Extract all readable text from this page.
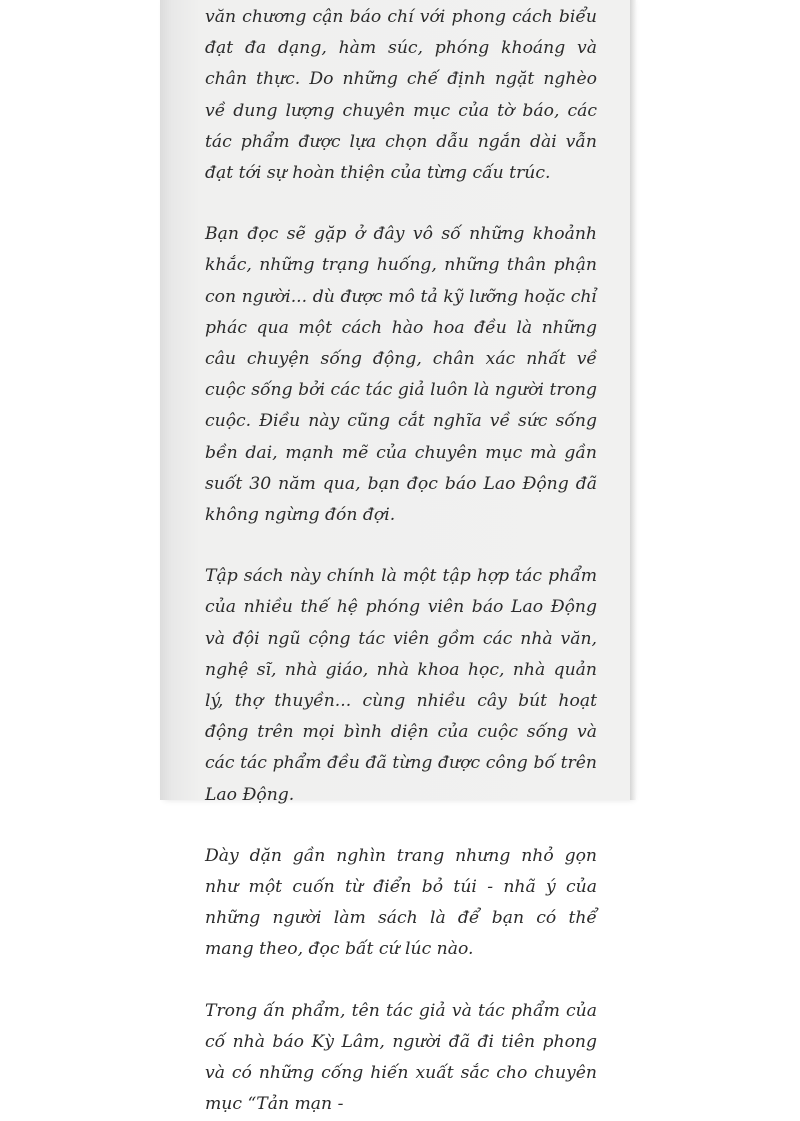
văn chương cận báo chí với phong cách biểu đạt đa dạng, hàm súc, phóng khoáng và chân thực. Do những chế định ngặt nghèo về dung lượng chuyên mục của tờ báo, các tác phẩm được lựa chọn dẫu ngắn dài vẫn đạt tới sự hoàn thiện của từng cấu trúc.

Bạn đọc sẽ gặp ở đây vô số những khoảnh khắc, những trạng huống, những thân phận con người... dù được mô tả kỹ lưỡng hoặc chỉ phác qua một cách hào hoa đều là những câu chuyện sống động, chân xác nhất về cuộc sống bởi các tác giả luôn là người trong cuộc. Điều này cũng cắt nghĩa về sức sống bền dai, mạnh mẽ của chuyên mục mà gần suốt 30 năm qua, bạn đọc báo Lao Động đã không ngừng đón đợi.

Tập sách này chính là một tập hợp tác phẩm của nhiều thế hệ phóng viên báo Lao Động và đội ngũ cộng tác viên gồm các nhà văn, nghệ sĩ, nhà giáo, nhà khoa học, nhà quản lý, thợ thuyền... cùng nhiều cây bút hoạt động trên mọi bình diện của cuộc sống và các tác phẩm đều đã từng được công bố trên Lao Động.

Dày dặn gần nghìn trang nhưng nhỏ gọn như một cuốn từ điển bỏ túi - nhã ý của những người làm sách là để bạn có thể mang theo, đọc bất cứ lúc nào.

Trong ấn phẩm, tên tác giả và tác phẩm của cố nhà báo Kỳ Lâm, người đã đi tiên phong và có những cống hiến xuất sắc cho chuyên mục “Tản mạn -
